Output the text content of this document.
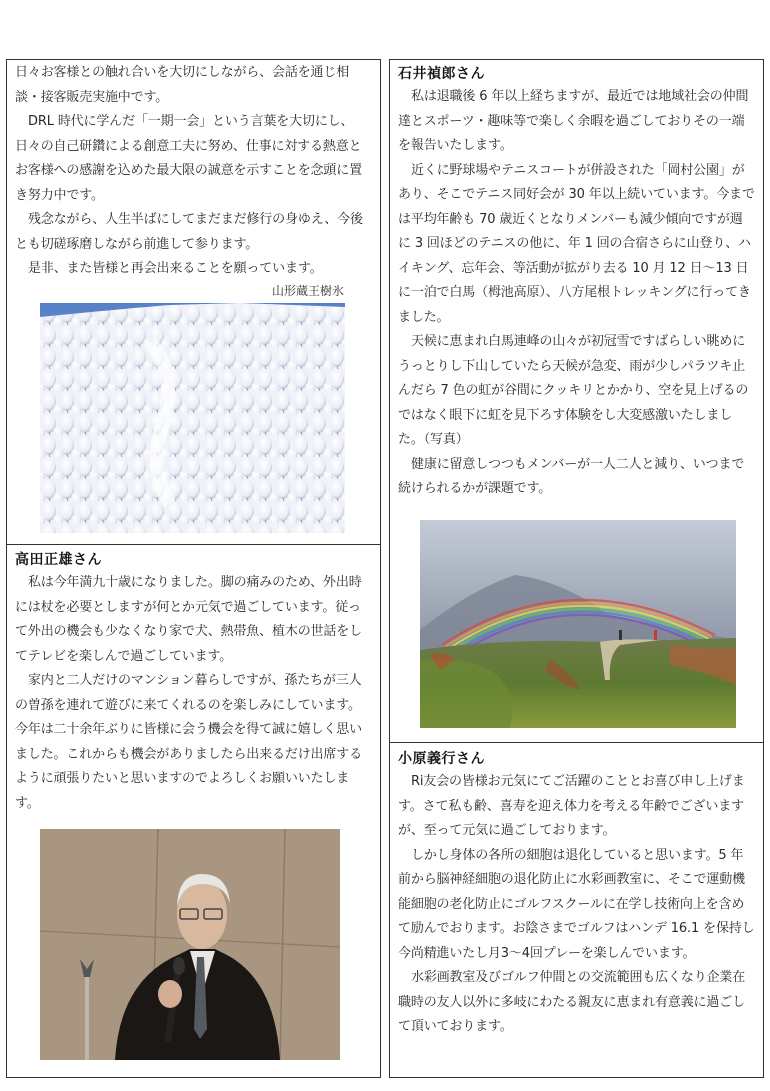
日々お客様との触れ合いを大切にしながら、会話を通じ相談・接客販売実施中です。

DRL 時代に学んだ「一期一会」という言葉を大切にし、日々の自己研鑽による創意工夫に努め、仕事に対する熱意とお客様への感謝を込めた最大限の誠意を示すことを念頭に置き努力中です。

残念ながら、人生半ばにしてまだまだ修行の身ゆえ、今後とも切磋琢磨しながら前進して参ります。

是非、また皆様と再会出来ることを願っています。

山形蔵王樹氷
高田正雄さん

私は今年満九十歳になりました。脚の痛みのため、外出時には杖を必要としますが何とか元気で過ごしています。従って外出の機会も少なくなり家で犬、熱帯魚、植木の世話をしてテレビを楽しんで過ごしています。

家内と二人だけのマンション暮らしですが、孫たちが三人の曽孫を連れて遊びに来てくれるのを楽しみにしています。今年は二十余年ぶりに皆様に会う機会を得て誠に嬉しく思いました。これからも機会がありましたら出来るだけ出席するように頑張りたいと思いますのでよろしくお願いいたします。

石井禎郎さん

私は退職後 6 年以上経ちますが、最近では地域社会の仲間達とスポーツ・趣味等で楽しく余暇を過ごしておりその一端を報告いたします。

近くに野球場やテニスコートが併設された「岡村公園」があり、そこでテニス同好会が 30 年以上続いています。今までは平均年齢も 70 歳近くとなりメンバーも減少傾向ですが週に 3 回ほどのテニスの他に、年 1 回の合宿さらに山登り、ハイキング、忘年会、等活動が拡がり去る 10 月 12 日～13 日に一泊で白馬（栂池高原）、八方尾根トレッキングに行ってきました。

天候に恵まれ白馬連峰の山々が初冠雪ですばらしい眺めにうっとりし下山していたら天候が急変、雨が少しパラツキ止んだら 7 色の虹が谷間にクッキリとかかり、空を見上げるのではなく眼下に虹を見下ろす体験をし大変感激いたしました。（写真）

健康に留意しつつもメンバーが一人二人と減り、いつまで続けられるかが課題です。

小原義行さん

Ri友会の皆様お元気にてご活躍のこととお喜び申し上げます。さて私も齢、喜寿を迎え体力を考える年齢でございますが、至って元気に過ごしております。

しかし身体の各所の細胞は退化していると思います。5 年前から脳神経細胞の退化防止に水彩画教室に、そこで運動機能細胞の老化防止にゴルフスクールに在学し技術向上を含めて励んでおります。お陰さまでゴルフはハンデ 16.1 を保持し今尚精進いたし月3～4回プレーを楽しんでいます。

水彩画教室及びゴルフ仲間との交流範囲も広くなり企業在職時の友人以外に多岐にわたる親友に恵まれ有意義に過ごして頂いております。
